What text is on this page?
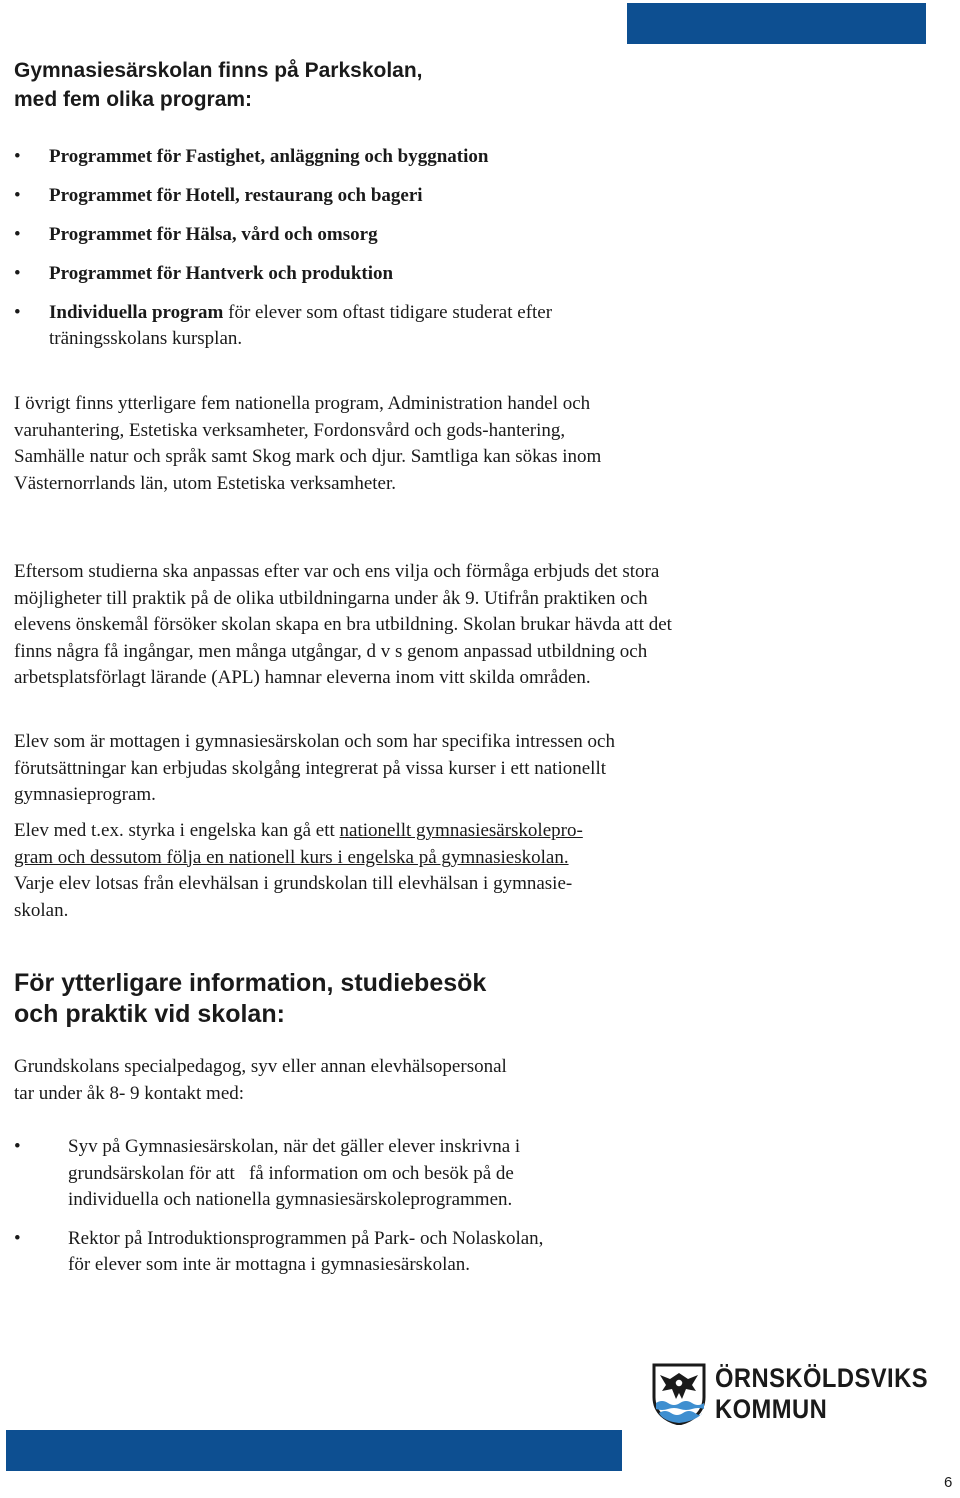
Gymnasiesärskolan finns på Parkskolan,
med fem olika program:
• Programmet för Fastighet, anläggning och byggnation
• Programmet för Hotell, restaurang och bageri
• Programmet för Hälsa, vård och omsorg
• Programmet för Hantverk och produktion
• Individuella program för elever som oftast tidigare studerat efter träningsskolans kursplan.

I övrigt finns ytterligare fem nationella program, Administration handel och varuhantering, Estetiska verksamheter, Fordonsvård och gods-hantering, Samhälle natur och språk samt Skog mark och djur. Samtliga kan sökas inom Västernorrlands län, utom Estetiska verksamheter.

Eftersom studierna ska anpassas efter var och ens vilja och förmåga erbjuds det stora möjligheter till praktik på de olika utbildningarna under åk 9. Utifrån praktiken och elevens önskemål försöker skolan skapa en bra utbildning. Skolan brukar hävda att det finns några få ingångar, men många utgångar, d v s genom anpassad utbildning och arbetsplatsförlagt lärande (APL) hamnar eleverna inom vitt skilda områden.

Elev som är mottagen i gymnasiesärskolan och som har specifika intressen och förutsättningar kan erbjudas skolgång integrerat på vissa kurser i ett nationellt gymnasieprogram.

Elev med t.ex. styrka i engelska kan gå ett nationellt gymnasiesärskolepro-
gram och dessutom följa en nationell kurs i engelska på gymnasieskolan.
Varje elev lotsas från elevhälsan i grundskolan till elevhälsan i gymnasie-
skolan.

För ytterligare information, studiebesök
och praktik vid skolan:

Grundskolans specialpedagog, syv eller annan elevhälsopersonal
tar under åk 8- 9 kontakt med:

• Syv på Gymnasiesärskolan, när det gäller elever inskrivna i
grundsärskolan för att   få information om och besök på de
individuella och nationella gymnasiesärskoleprogrammen.
• Rektor på Introduktionsprogrammen på Park- och Nolaskolan,
för elever som inte är mottagna i gymnasiesärskolan.
ÖRNSKÖLDSVIKS
KOMMUN
6
